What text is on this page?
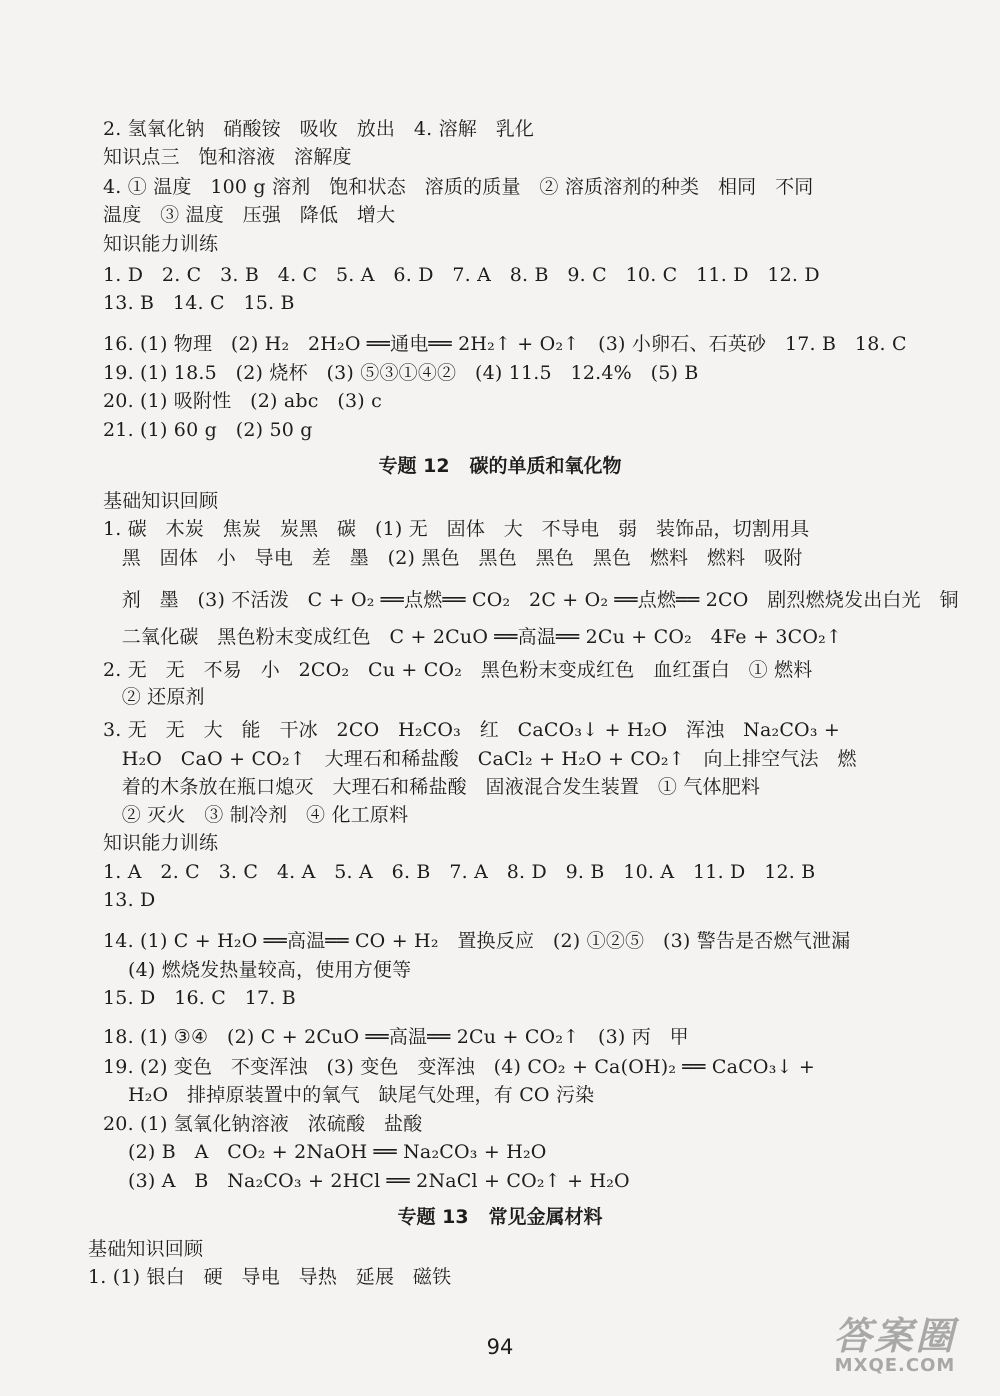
2. 氢氧化钠   硝酸铵   吸收   放出   4. 溶解   乳化
知识点三   饱和溶液   溶解度
4. ① 温度   100 g 溶剂   饱和状态   溶质的质量   ② 溶质溶剂的种类   相同   不同
温度   ③ 温度   压强   降低   增大
知识能力训练
1. D   2. C   3. B   4. C   5. A   6. D   7. A   8. B   9. C   10. C   11. D   12. D
13. B   14. C   15. B
16. (1) 物理   (2) H₂   2H₂O ══通电══ 2H₂↑ + O₂↑   (3) 小卵石、石英砂   17. B   18. C
19. (1) 18.5   (2) 烧杯   (3) ⑤③①④②   (4) 11.5   12.4%   (5) B
20. (1) 吸附性   (2) abc   (3) c
21. (1) 60 g   (2) 50 g
基础知识回顾
1. 碳   木炭   焦炭   炭黑   碳   (1) 无   固体   大   不导电   弱   装饰品，切割用具
黑   固体   小   导电   差   墨   (2) 黑色   黑色   黑色   黑色   燃料   燃料   吸附
剂   墨   (3) 不活泼   C + O₂ ══点燃══ CO₂   2C + O₂ ══点燃══ 2CO   剧烈燃烧发出白光   铜
二氧化碳   黑色粉末变成红色   C + 2CuO ══高温══ 2Cu + CO₂   4Fe + 3CO₂↑
2. 无   无   不易   小   2CO₂   Cu + CO₂   黑色粉末变成红色   血红蛋白   ① 燃料
② 还原剂
3. 无   无   大   能   干冰   2CO   H₂CO₃   红   CaCO₃↓ + H₂O   浑浊   Na₂CO₃ +
H₂O   CaO + CO₂↑   大理石和稀盐酸   CaCl₂ + H₂O + CO₂↑   向上排空气法   燃
着的木条放在瓶口熄灭   大理石和稀盐酸   固液混合发生装置   ① 气体肥料
② 灭火   ③ 制冷剂   ④ 化工原料
知识能力训练
1. A   2. C   3. C   4. A   5. A   6. B   7. A   8. D   9. B   10. A   11. D   12. B
13. D
14. (1) C + H₂O ══高温══ CO + H₂   置换反应   (2) ①②⑤   (3) 警告是否燃气泄漏
(4) 燃烧发热量较高，使用方便等
15. D   16. C   17. B
18. (1) ③④   (2) C + 2CuO ══高温══ 2Cu + CO₂↑   (3) 丙   甲
19. (2) 变色   不变浑浊   (3) 变色   变浑浊   (4) CO₂ + Ca(OH)₂ ══ CaCO₃↓ +
H₂O   排掉原装置中的氧气   缺尾气处理，有 CO 污染
20. (1) 氢氧化钠溶液   浓硫酸   盐酸
(2) B   A   CO₂ + 2NaOH ══ Na₂CO₃ + H₂O
(3) A   B   Na₂CO₃ + 2HCl ══ 2NaCl + CO₂↑ + H₂O
基础知识回顾
1. (1) 银白   硬   导电   导热   延展   磁铁
专题 12   碳的单质和氧化物
专题 13   常见金属材料
94	答案圈
MXQE.COM
